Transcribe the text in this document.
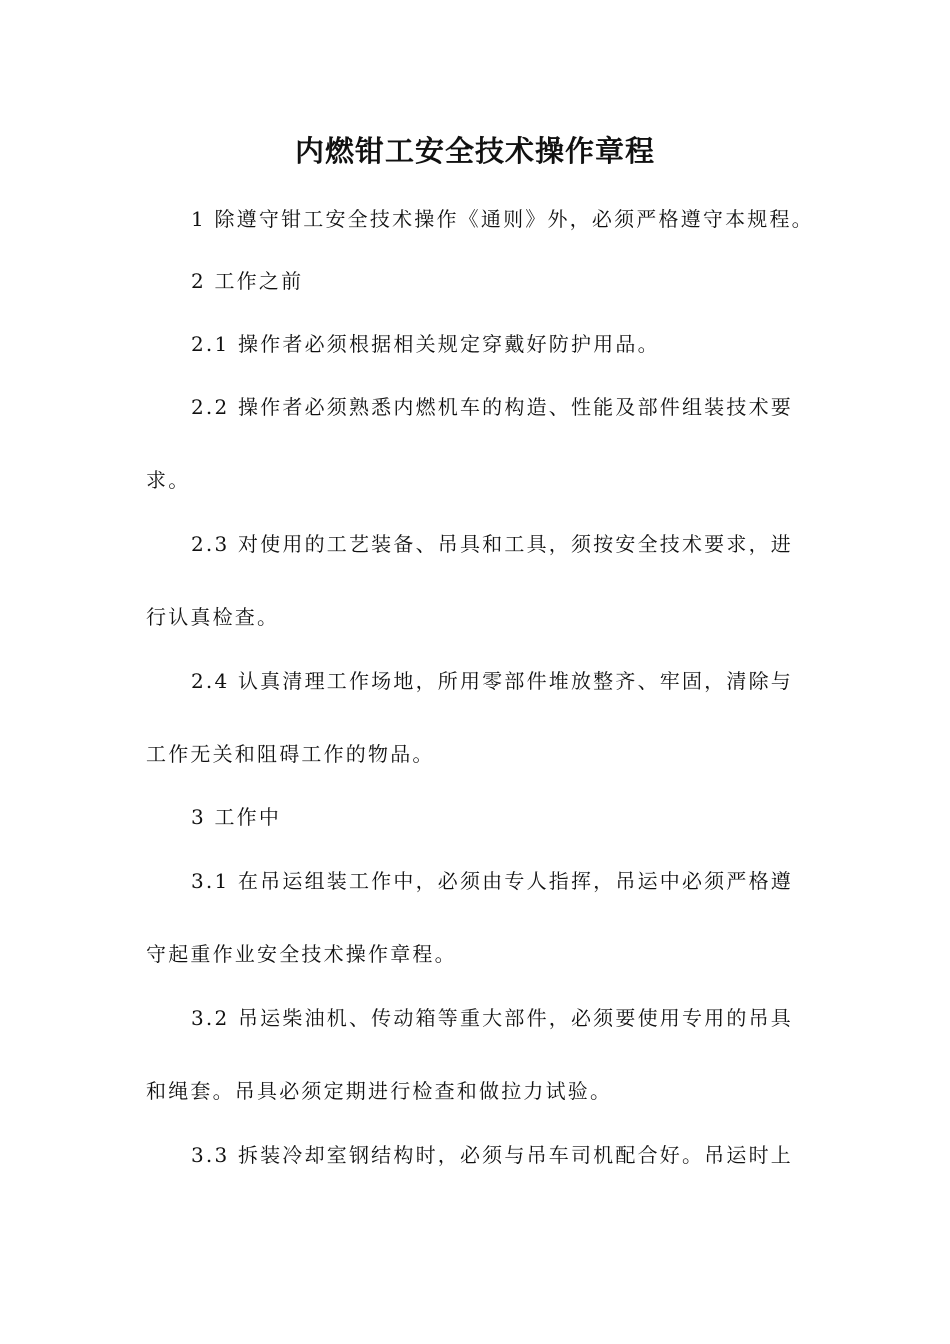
内燃钳工安全技术操作章程
1 除遵守钳工安全技术操作《通则》外，必须严格遵守本规程。
2 工作之前
2.1 操作者必须根据相关规定穿戴好防护用品。
2.2 操作者必须熟悉内燃机车的构造、性能及部件组装技术要
求。
2.3 对使用的工艺装备、吊具和工具，须按安全技术要求，进
行认真检查。
2.4 认真清理工作场地，所用零部件堆放整齐、牢固，清除与
工作无关和阻碍工作的物品。
3 工作中
3.1 在吊运组装工作中，必须由专人指挥，吊运中必须严格遵
守起重作业安全技术操作章程。
3.2 吊运柴油机、传动箱等重大部件，必须要使用专用的吊具
和绳套。吊具必须定期进行检查和做拉力试验。
3.3 拆装冷却室钢结构时，必须与吊车司机配合好。吊运时上
